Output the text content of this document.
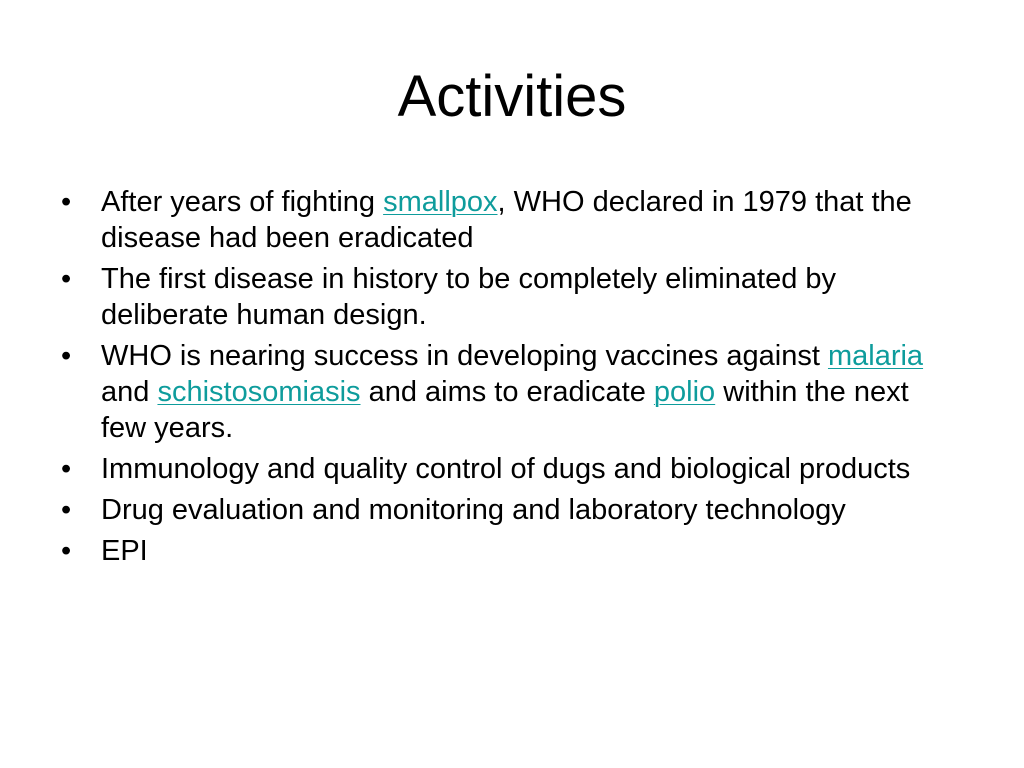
Activities
• After years of fighting smallpox, WHO declared in 1979 that the disease had been eradicated
• The first disease in history to be completely eliminated by deliberate human design.
• WHO is nearing success in developing vaccines against malaria and schistosomiasis and aims to eradicate polio within the next few years.
• Immunology and quality control of dugs and biological products
• Drug evaluation and monitoring and laboratory technology
• EPI
